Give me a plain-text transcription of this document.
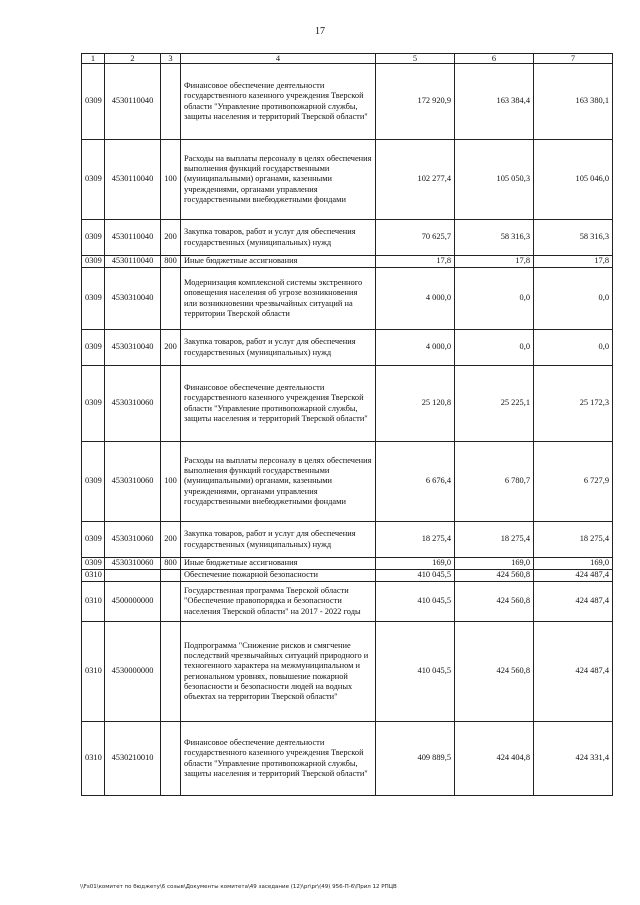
17
1	2	3	4	5	6	7
0309	4530110040		Финансовое обеспечение деятельности государственного казенного учреждения Тверской области "Управление противопожарной службы, защиты населения и территорий Тверской области"	172 920,9	163 384,4	163 380,1
0309	4530110040	100	Расходы на выплаты персоналу в целях обеспечения выполнения функций государственными (муниципальными) органами, казенными учреждениями, органами управления государственными внебюджетными фондами	102 277,4	105 050,3	105 046,0
0309	4530110040	200	Закупка товаров, работ и услуг для обеспечения государственных (муниципальных) нужд	70 625,7	58 316,3	58 316,3
0309	4530110040	800	Иные бюджетные ассигнования	17,8	17,8	17,8
0309	4530310040		Модернизация комплексной системы экстренного оповещения населения об угрозе возникновения или возникновении чрезвычайных ситуаций на территории Тверской области	4 000,0	0,0	0,0
0309	4530310040	200	Закупка товаров, работ и услуг для обеспечения государственных (муниципальных) нужд	4 000,0	0,0	0,0
0309	4530310060		Финансовое обеспечение деятельности государственного казенного учреждения Тверской области "Управление противопожарной службы, защиты населения и территорий Тверской области"	25 120,8	25 225,1	25 172,3
0309	4530310060	100	Расходы на выплаты персоналу в целях обеспечения выполнения функций государственными (муниципальными) органами, казенными учреждениями, органами управления государственными внебюджетными фондами	6 676,4	6 780,7	6 727,9
0309	4530310060	200	Закупка товаров, работ и услуг для обеспечения государственных (муниципальных) нужд	18 275,4	18 275,4	18 275,4
0309	4530310060	800	Иные бюджетные ассигнования	169,0	169,0	169,0
0310			Обеспечение пожарной безопасности	410 045,5	424 560,8	424 487,4
0310	4500000000		Государственная программа Тверской области "Обеспечение правопорядка и безопасности населения Тверской области" на 2017 - 2022 годы	410 045,5	424 560,8	424 487,4
0310	4530000000		Подпрограмма "Снижение рисков и смягчение последствий чрезвычайных ситуаций природного и техногенного характера на межмуниципальном и региональном уровнях, повышение пожарной безопасности и безопасности людей на водных объектах на территории Тверской области"	410 045,5	424 560,8	424 487,4
0310	4530210010		Финансовое обеспечение деятельности государственного казенного учреждения Тверской области "Управление противопожарной службы, защиты населения и территорий Тверской области"	409 889,5	424 404,8	424 331,4
\\Fs01\комитет по бюджету\6 созыв\Документы комитета\49 заседание (12)\pr\pr\(49) 956-П-6\Прил 12 РПЦВ
